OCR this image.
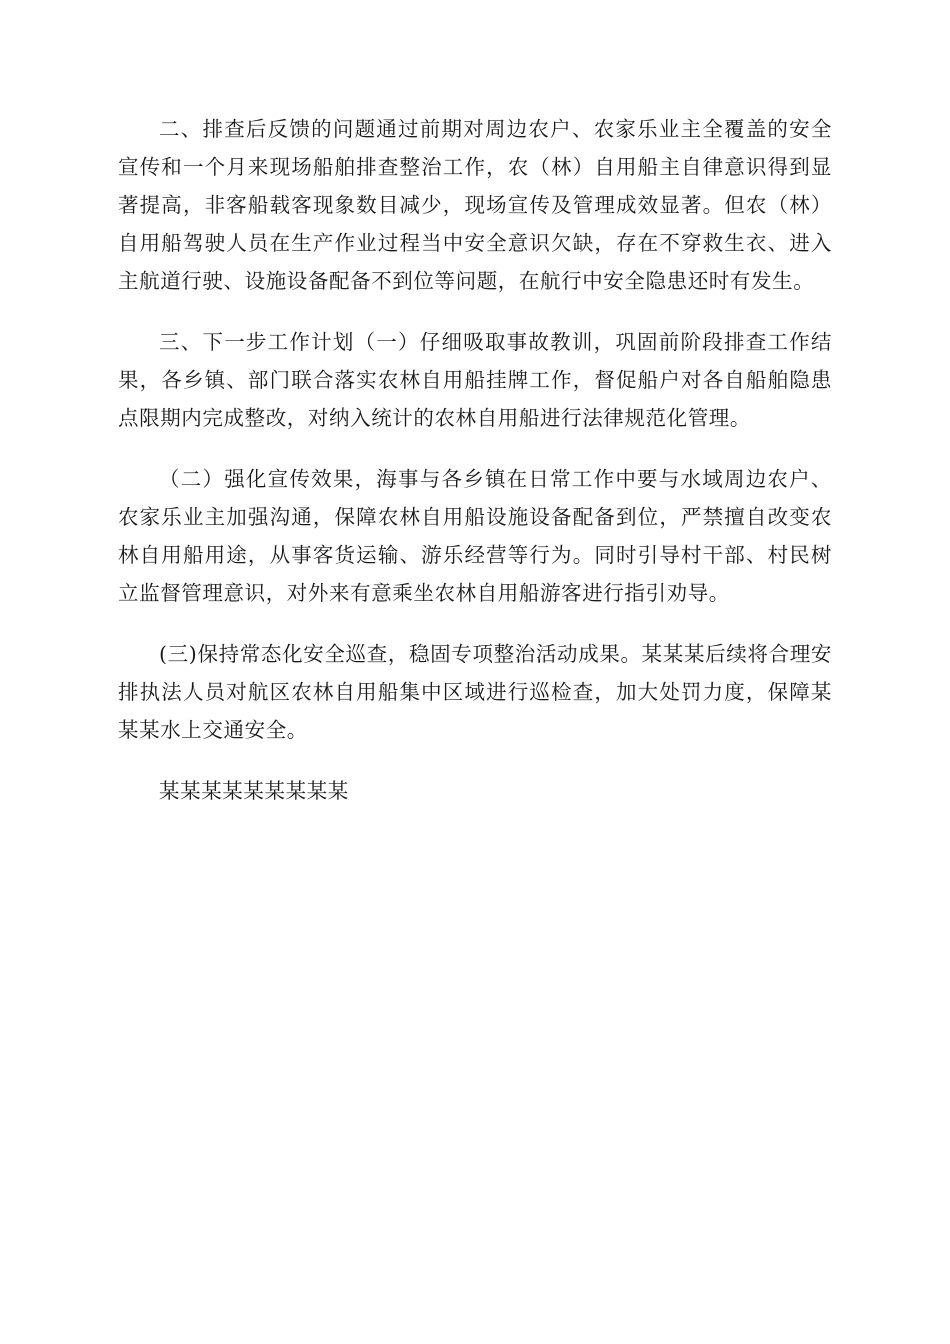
二、排查后反馈的问题通过前期对周边农户、农家乐业主全覆盖的安全宣传和一个月来现场船舶排查整治工作，农（林）自用船主自律意识得到显著提高，非客船载客现象数目减少，现场宣传及管理成效显著。但农（林）自用船驾驶人员在生产作业过程当中安全意识欠缺，存在不穿救生衣、进入主航道行驶、设施设备配备不到位等问题，在航行中安全隐患还时有发生。

三、下一步工作计划（一）仔细吸取事故教训，巩固前阶段排查工作结果，各乡镇、部门联合落实农林自用船挂牌工作，督促船户对各自船舶隐患点限期内完成整改，对纳入统计的农林自用船进行法律规范化管理。

（二）强化宣传效果，海事与各乡镇在日常工作中要与水域周边农户、农家乐业主加强沟通，保障农林自用船设施设备配备到位，严禁擅自改变农林自用船用途，从事客货运输、游乐经营等行为。同时引导村干部、村民树立监督管理意识，对外来有意乘坐农林自用船游客进行指引劝导。

(三)保持常态化安全巡查，稳固专项整治活动成果。某某某后续将合理安排执法人员对航区农林自用船集中区域进行巡检查，加大处罚力度，保障某某某水上交通安全。

某某某某某某某某某
